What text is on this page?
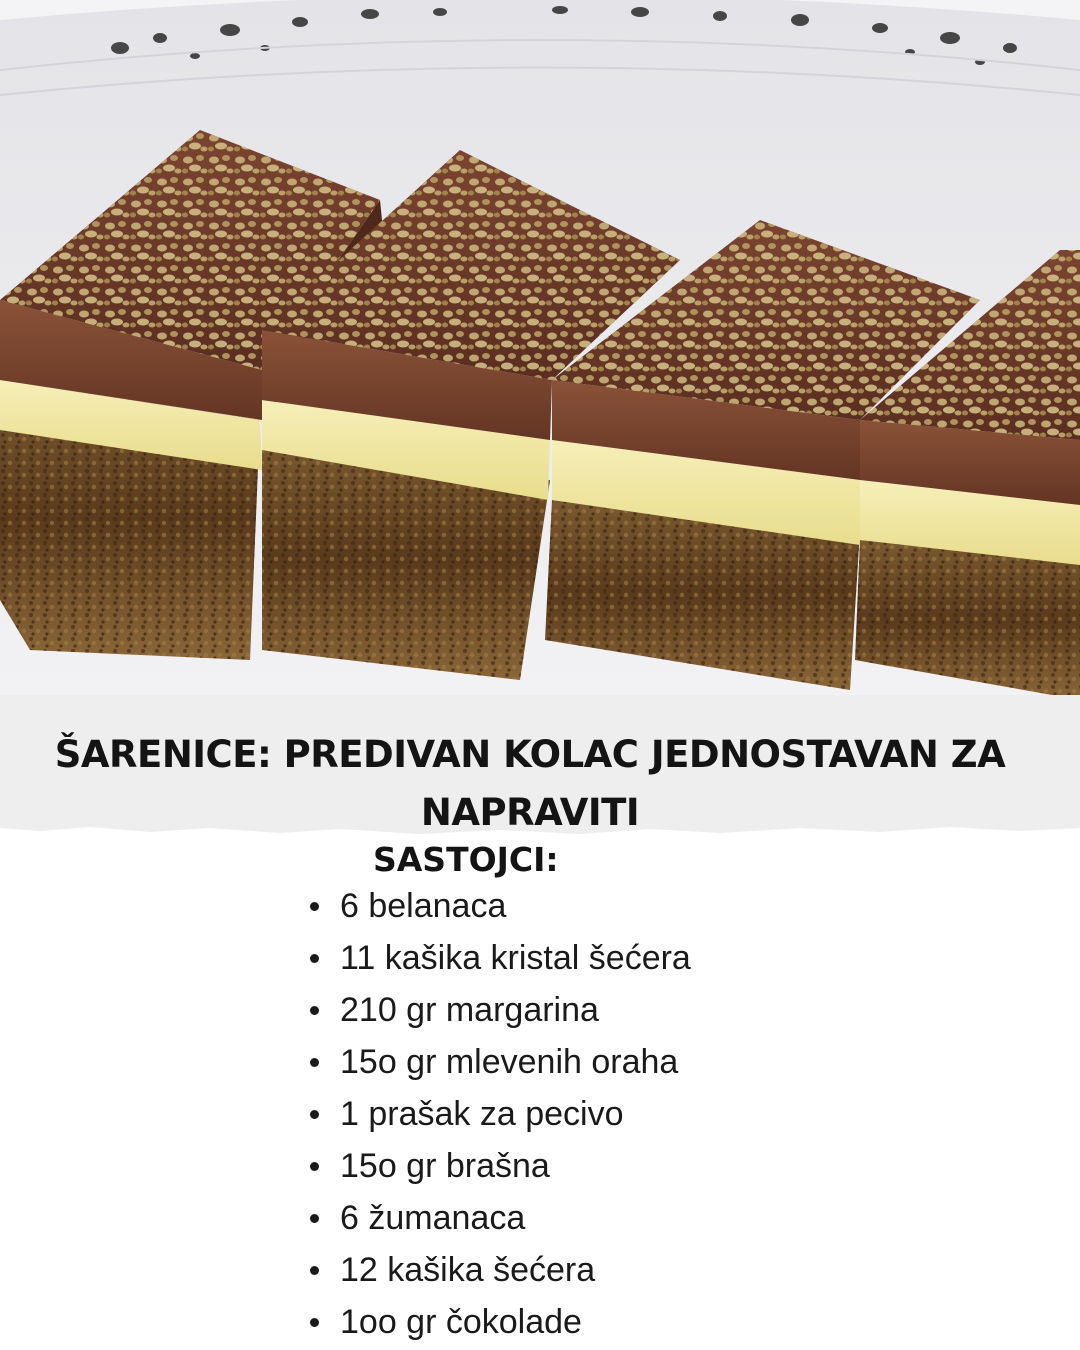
ŠARENICE: PREDIVAN KOLAC JEDNOSTAVAN ZA NAPRAVITI
SASTOJCI:
6 belanaca
11 kašika kristal šećera
210 gr margarina
15o gr mlevenih oraha
1 prašak za pecivo
15o gr brašna
6 žumanaca
12 kašika šećera
1oo gr čokolade
